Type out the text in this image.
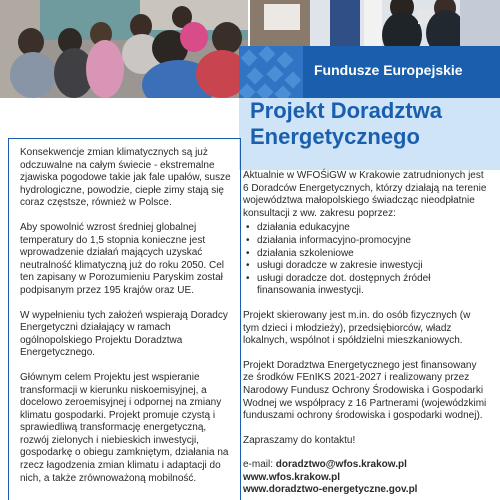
Fundusze Europejskie
Projekt Doradztwa
Energetycznego

Konsekwencje zmian klimatycznych są już odczuwalne na całym świecie - ekstremalne zjawiska pogodowe takie jak fale upałów, susze hydrologiczne, powodzie, ciepłe zimy stają się coraz częstsze, również w Polsce.

Aby spowolnić wzrost średniej globalnej temperatury do 1,5 stopnia konieczne jest wprowadzenie działań mających uzyskać neutralność klimatyczną już do roku 2050. Cel ten zapisany w Porozumieniu Paryskim został podpisanym przez 195 krajów oraz UE.

W wypełnieniu tych założeń wspierają Doradcy Energetyczni działający w ramach ogólnopolskiego Projektu Doradztwa Energetycznego.

Głównym celem Projektu jest wspieranie transformacji w kierunku niskoemisyjnej, a docelowo zeroemisyjnej i odpornej na zmiany klimatu gospodarki. Projekt promuje czystą i sprawiedliwą transformację energetyczną, rozwój zielonych i niebieskich inwestycji, gospodarkę o obiegu zamkniętym, działania na rzecz łagodzenia zmian klimatu i adaptacji do nich, a także zrównoważoną mobilność.

Aktualnie w WFOŚiGW w Krakowie zatrudnionych jest 6 Doradców Energetycznych, którzy działają na terenie województwa małopolskiego świadcząc nieodpłatnie konsultacji z ww. zakresu poprzez:

• działania edukacyjne
• działania informacyjno-promocyjne
• działania szkoleniowe
• usługi doradcze w zakresie inwestycji
• usługi doradcze dot. dostępnych źródeł finansowania inwestycji.

Projekt skierowany jest m.in. do osób fizycznych (w tym dzieci i młodzieży), przedsiębiorców, władz lokalnych, wspólnot i spółdzielni mieszkaniowych.

Projekt Doradztwa Energetycznego jest finansowany ze środków FEnIKS 2021-2027 i realizowany przez Narodowy Fundusz Ochrony Środowiska i Gospodarki Wodnej we współpracy z 16 Partnerami (wojewódzkimi funduszami ochrony środowiska i gospodarki wodnej).

Zapraszamy do kontaktu!

e-mail: doradztwo@wfos.krakow.pl
www.wfos.krakow.pl
www.doradztwo-energetyczne.gov.pl
